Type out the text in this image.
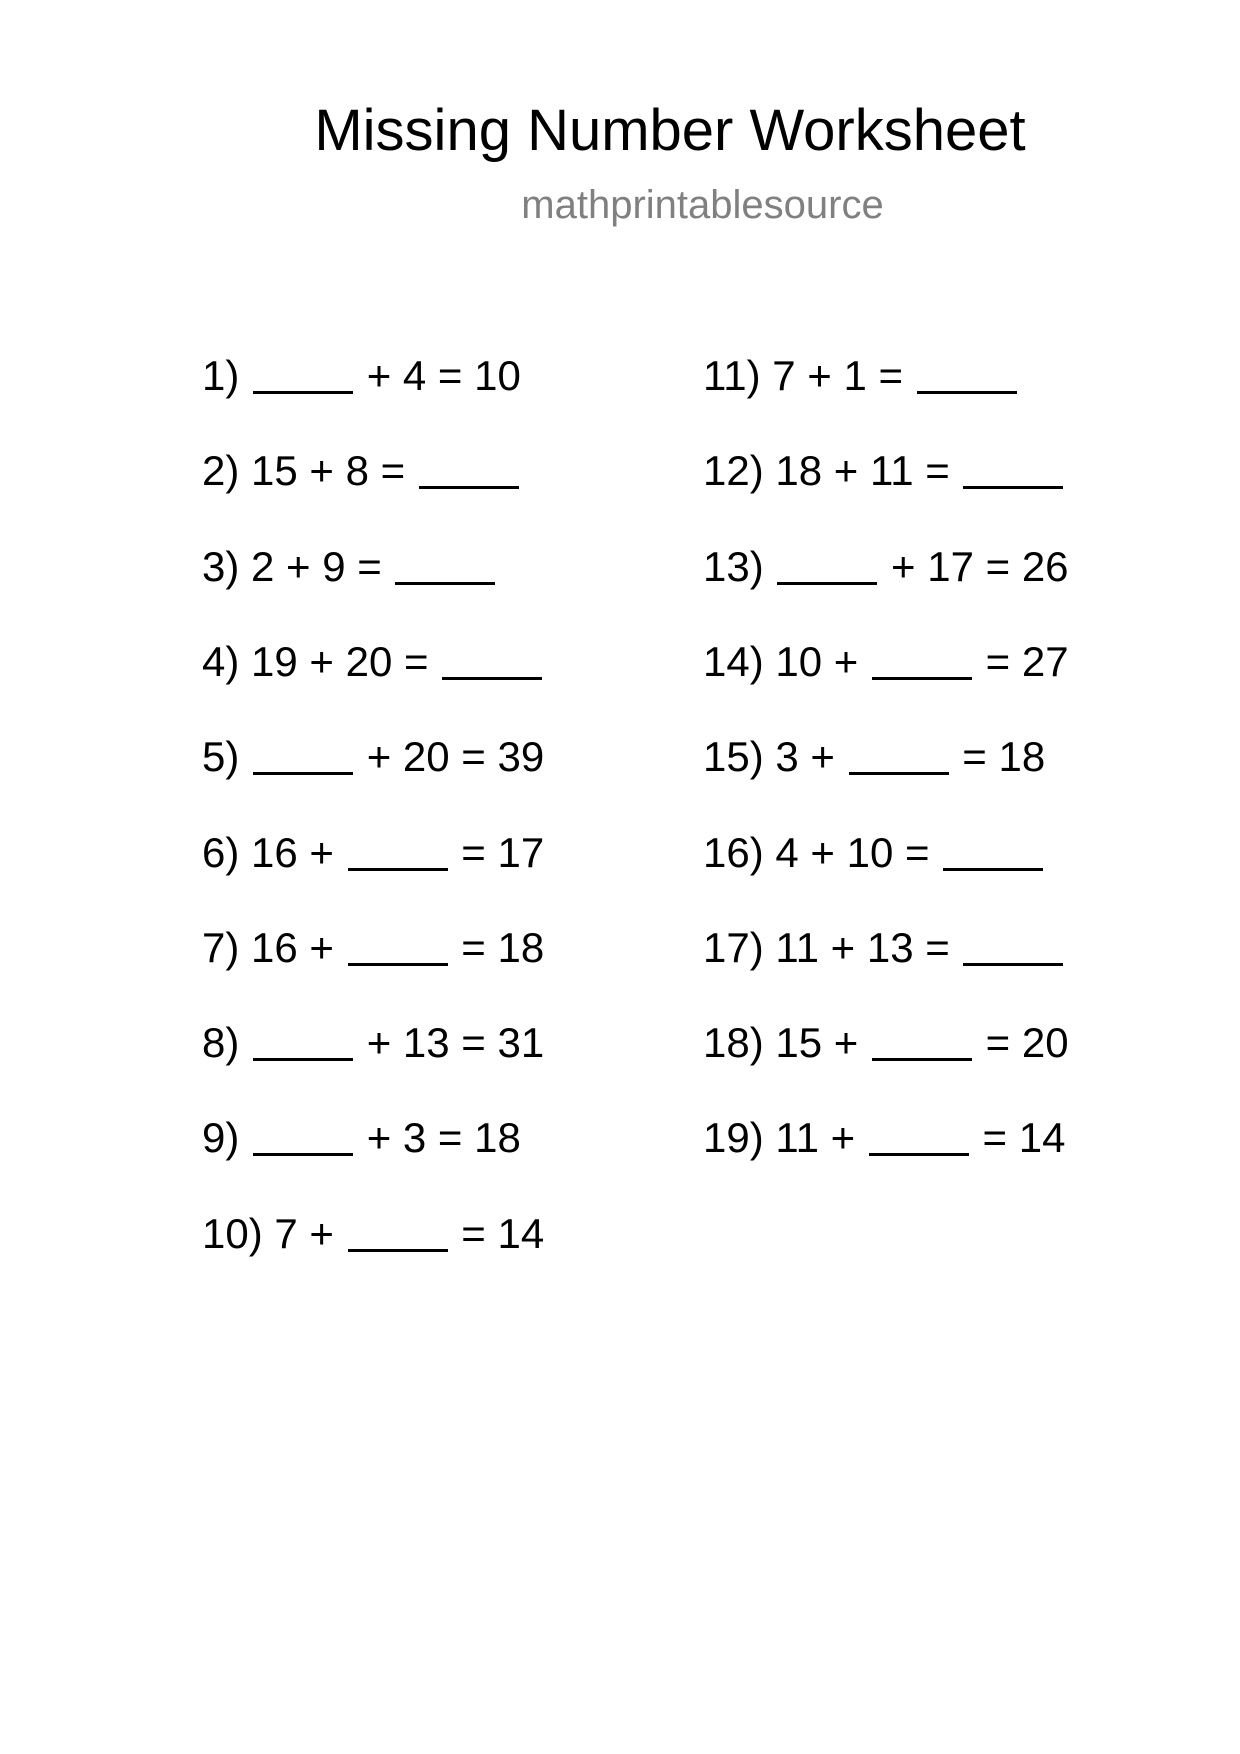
Missing Number Worksheet
mathprintablesource
1)	+ 4 = 10
2) 15 + 8 =
3) 2 + 9 =
4) 19 + 20 =
5)	+ 20 = 39
6) 16 +  = 17
7) 16 +  = 18
8)	+ 13 = 31
9)	+ 3 = 18
10) 7 +  = 14
11) 7 + 1 =
12) 18 + 11 =
13)	+ 17 = 26
14) 10 +  = 27
15) 3 +  = 18
16) 4 + 10 =
17) 11 + 13 =
18) 15 +  = 20
19) 11 +  = 14
